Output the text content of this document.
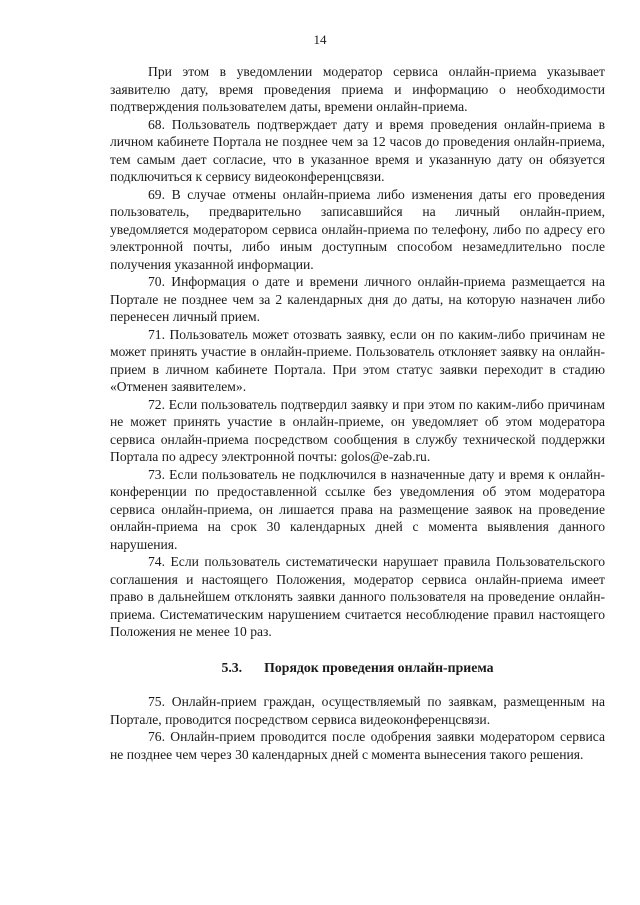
14

При этом в уведомлении модератор сервиса онлайн-приема указывает заявителю дату, время проведения приема и информацию о необходимости подтверждения пользователем даты, времени онлайн-приема.

68. Пользователь подтверждает дату и время проведения онлайн-приема в личном кабинете Портала не позднее чем за 12 часов до проведения онлайн-приема, тем самым дает согласие, что в указанное время и указанную дату он обязуется подключиться к сервису видеоконференцсвязи.

69. В случае отмены онлайн-приема либо изменения даты его проведения пользователь, предварительно записавшийся на личный онлайн-прием, уведомляется модератором сервиса онлайн-приема по телефону, либо по адресу его электронной почты, либо иным доступным способом незамедлительно после получения указанной информации.

70. Информация о дате и времени личного онлайн-приема размещается на Портале не позднее чем за 2 календарных дня до даты, на которую назначен либо перенесен личный прием.

71. Пользователь может отозвать заявку, если он по каким-либо причинам не может принять участие в онлайн-приеме. Пользователь отклоняет заявку на онлайн-прием в личном кабинете Портала. При этом статус заявки переходит в стадию «Отменен заявителем».

72. Если пользователь подтвердил заявку и при этом по каким-либо причинам не может принять участие в онлайн-приеме, он уведомляет об этом модератора сервиса онлайн-приема посредством сообщения в службу технической поддержки Портала по адресу электронной почты: golos@e-zab.ru.

73. Если пользователь не подключился в назначенные дату и время к онлайн-конференции по предоставленной ссылке без уведомления об этом модератора сервиса онлайн-приема, он лишается права на размещение заявок на проведение онлайн-приема на срок 30 календарных дней с момента выявления данного нарушения.

74. Если пользователь систематически нарушает правила Пользовательского соглашения и настоящего Положения, модератор сервиса онлайн-приема имеет право в дальнейшем отклонять заявки данного пользователя на проведение онлайн-приема. Систематическим нарушением считается несоблюдение правил настоящего Положения не менее 10 раз.

5.3. Порядок проведения онлайн-приема

75. Онлайн-прием граждан, осуществляемый по заявкам, размещенным на Портале, проводится посредством сервиса видеоконференцсвязи.

76. Онлайн-прием проводится после одобрения заявки модератором сервиса не позднее чем через 30 календарных дней с момента вынесения такого решения.
